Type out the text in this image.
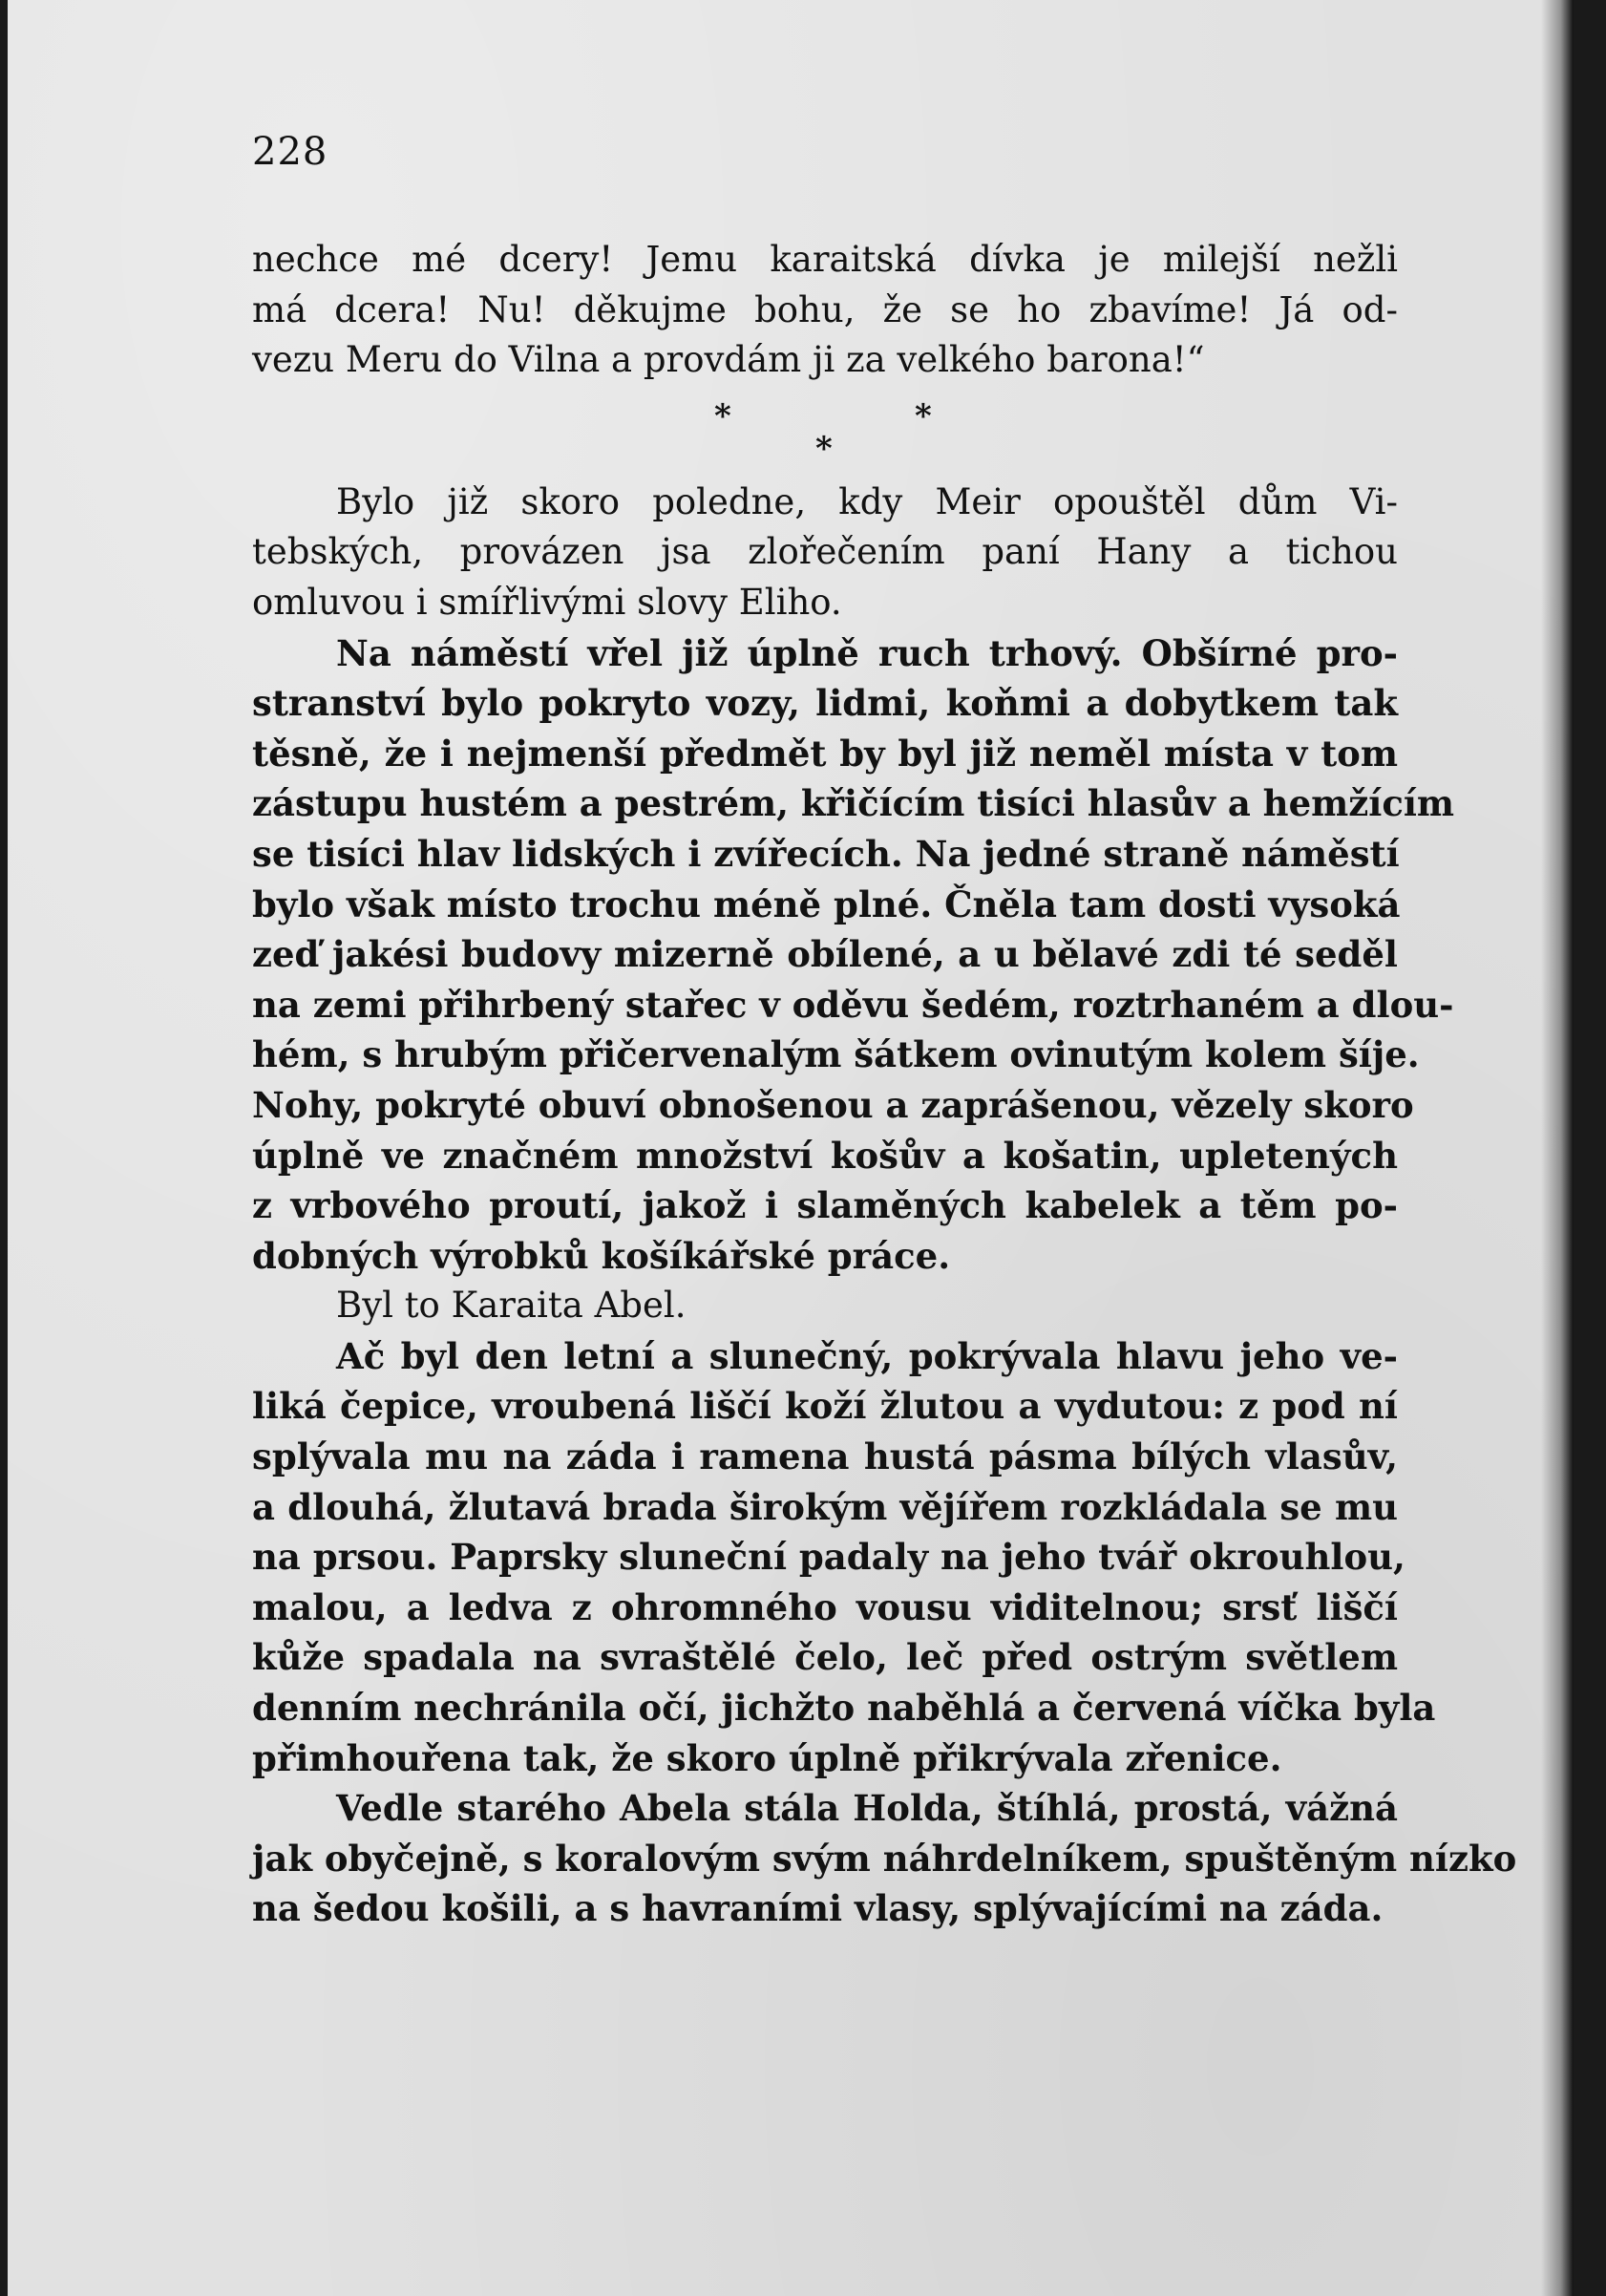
228
nechce mé dcery! Jemu karaitská dívka je milejší nežli
má dcera! Nu! děkujme bohu, že se ho zbavíme! Já od-
vezu Meru do Vilna a provdám ji za velkého barona!“
*
*
*
Bylo již skoro poledne, kdy Meir opouštěl dům Vi-
tebských, provázen jsa zlořečením paní Hany a tichou
omluvou i smířlivými slovy Eliho.
Na náměstí vřel již úplně ruch trhový. Obšírné pro-
stranství bylo pokryto vozy, lidmi, koňmi a dobytkem tak
těsně, že i nejmenší předmět by byl již neměl místa v tom
zástupu hustém a pestrém, křičícím tisíci hlasův a hemžícím
se tisíci hlav lidských i zvířecích. Na jedné straně náměstí
bylo však místo trochu méně plné. Čněla tam dosti vysoká
zeď jakési budovy mizerně obílené, a u bělavé zdi té seděl
na zemi přihrbený stařec v oděvu šedém, roztrhaném a dlou-
hém, s hrubým přičervenalým šátkem ovinutým kolem šíje.
Nohy, pokryté obuví obnošenou a zaprášenou, vězely skoro
úplně ve značném množství košův a košatin, upletených
z vrbového proutí, jakož i slaměných kabelek a těm po-
dobných výrobků košíkářské práce.
Byl to Karaita Abel.
Ač byl den letní a slunečný, pokrývala hlavu jeho ve-
liká čepice, vroubená liščí koží žlutou a vydutou: z pod ní
splývala mu na záda i ramena hustá pásma bílých vlasův,
a dlouhá, žlutavá brada širokým vějířem rozkládala se mu
na prsou. Paprsky sluneční padaly na jeho tvář okrouhlou,
malou, a ledva z ohromného vousu viditelnou; srsť liščí
kůže spadala na svraštělé čelo, leč před ostrým světlem
denním nechránila očí, jichžto naběhlá a červená víčka byla
přimhouřena tak, že skoro úplně přikrývala zřenice.
Vedle starého Abela stála Holda, štíhlá, prostá, vážná
jak obyčejně, s koralovým svým náhrdelníkem, spuštěným nízko
na šedou košili, a s havraními vlasy, splývajícími na záda.
